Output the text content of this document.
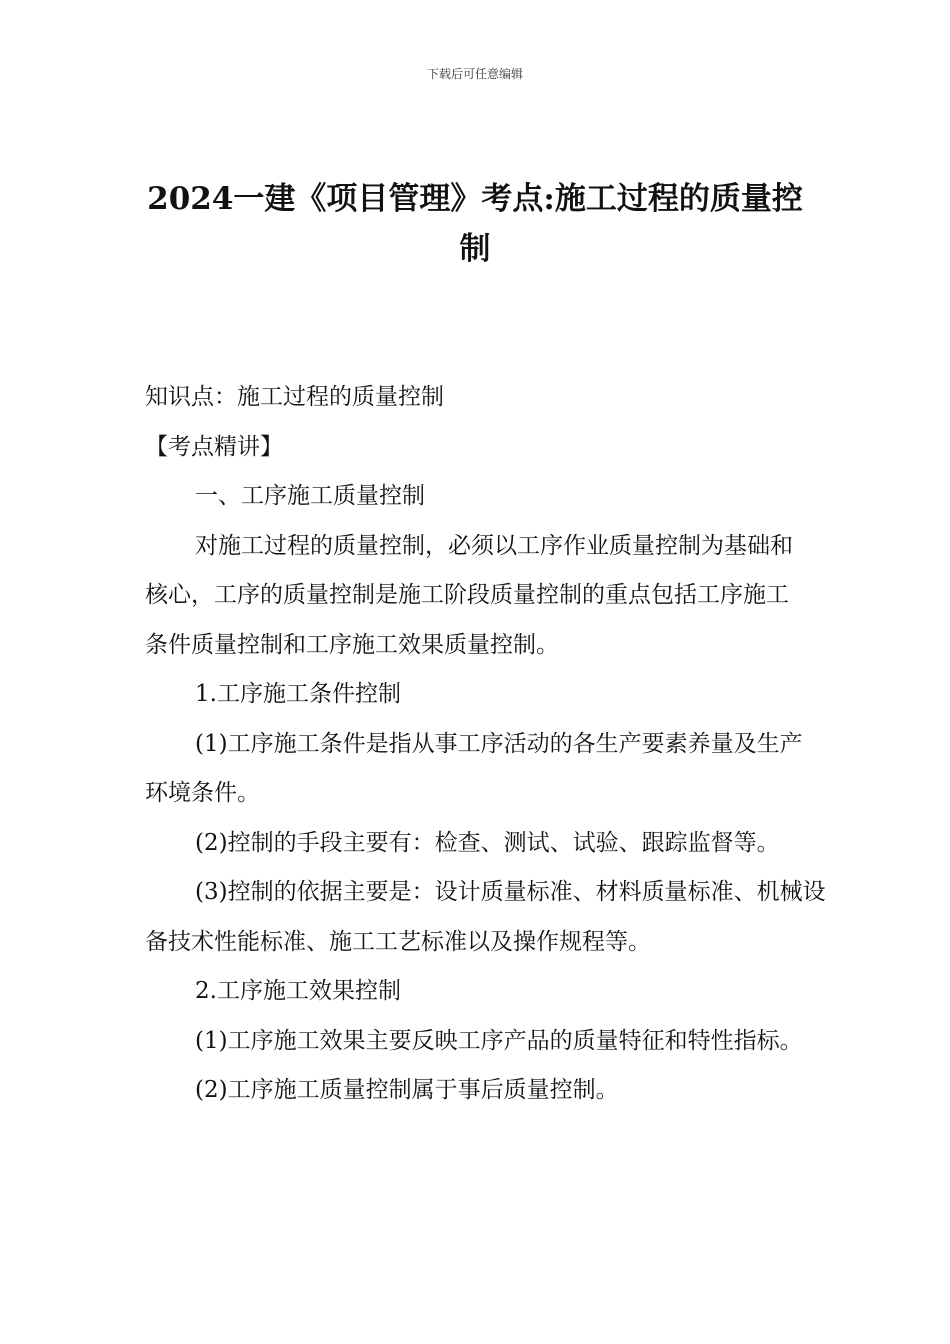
下载后可任意编辑
2024一建《项目管理》考点:施工过程的质量控制

知识点：施工过程的质量控制

【考点精讲】

一、工序施工质量控制

对施工过程的质量控制，必须以工序作业质量控制为基础和核心，工序的质量控制是施工阶段质量控制的重点包括工序施工条件质量控制和工序施工效果质量控制。

1.工序施工条件控制

(1)工序施工条件是指从事工序活动的各生产要素养量及生产环境条件。

(2)控制的手段主要有：检查、测试、试验、跟踪监督等。

(3)控制的依据主要是：设计质量标准、材料质量标准、机械设备技术性能标准、施工工艺标准以及操作规程等。

2.工序施工效果控制

(1)工序施工效果主要反映工序产品的质量特征和特性指标。

(2)工序施工质量控制属于事后质量控制。
